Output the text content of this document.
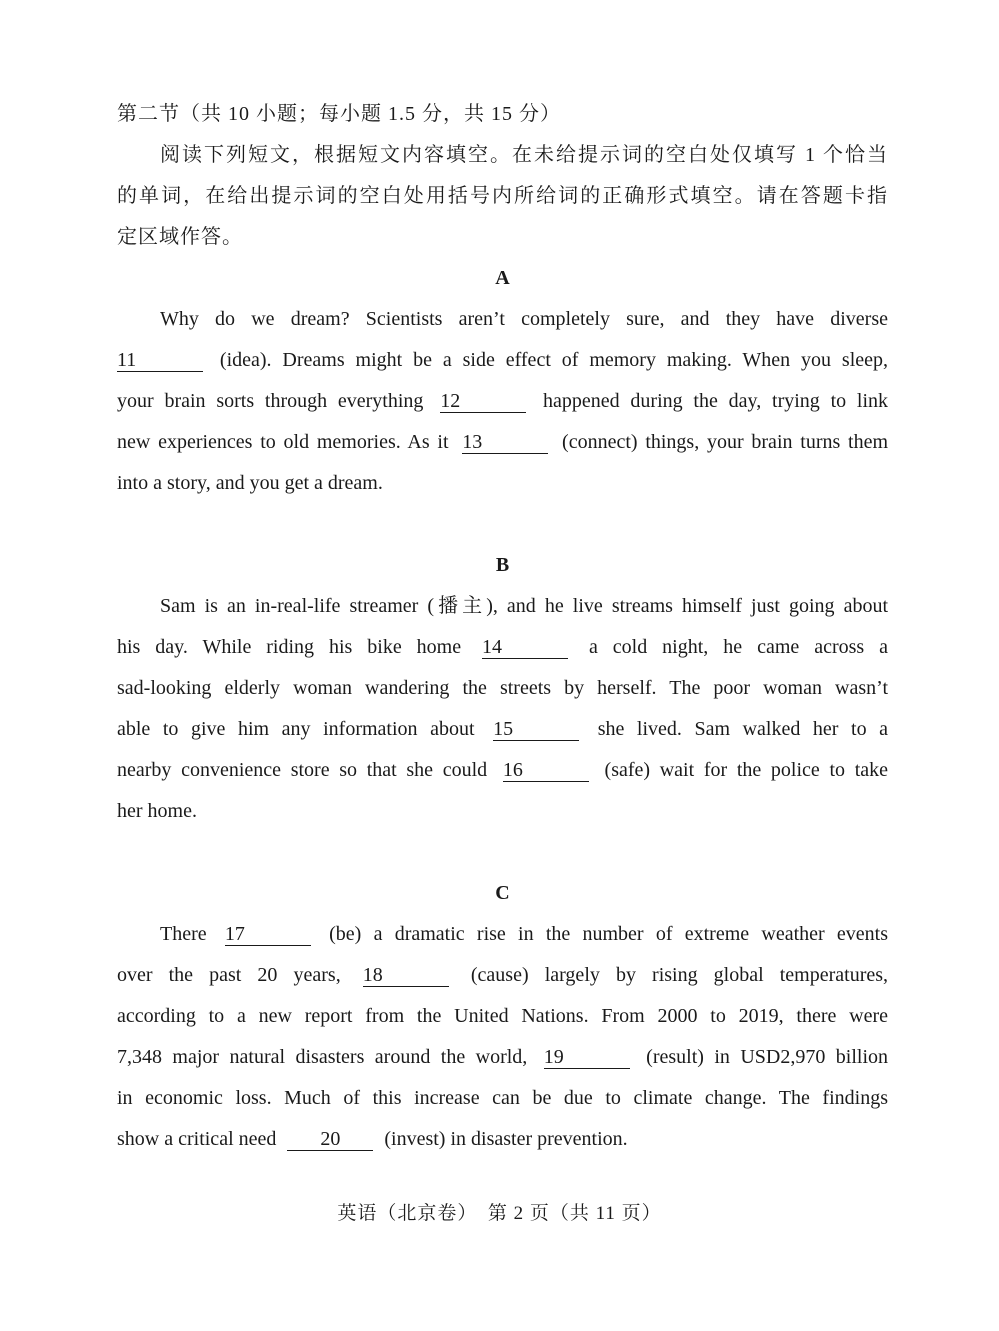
第二节（共 10 小题；每小题 1.5 分，共 15 分）
阅读下列短文，根据短文内容填空。在未给提示词的空白处仅填写 1 个恰当
的单词，在给出提示词的空白处用括号内所给词的正确形式填空。请在答题卡指
定区域作答。
A
Why do we dream? Scientists aren’t completely sure, and they have diverse
11	(idea). Dreams might be a side effect of memory making. When you sleep,
your brain sorts through everything 12	happened during the day, trying to link
new experiences to old memories. As it 13	(connect) things, your brain turns them
into a story, and you get a dream.
B
Sam is an in-real-life streamer (播主), and he live streams himself just going about
his day. While riding his bike home 14	a cold night, he came across a
sad-looking elderly woman wandering the streets by herself. The poor woman wasn’t
able to give him any information about 15	she lived. Sam walked her to a
nearby convenience store so that she could 16	(safe) wait for the police to take
her home.
C
There 17	(be) a dramatic rise in the number of extreme weather events
over the past 20 years, 18	(cause) largely by rising global temperatures,
according to a new report from the United Nations. From 2000 to 2019, there were
7,348 major natural disasters around the world, 19	(result) in USD2,970 billion
in economic loss. Much of this increase can be due to climate change. The findings
show a critical need 20 (invest) in disaster prevention.
英语（北京卷）　第 2 页（共 11 页）
